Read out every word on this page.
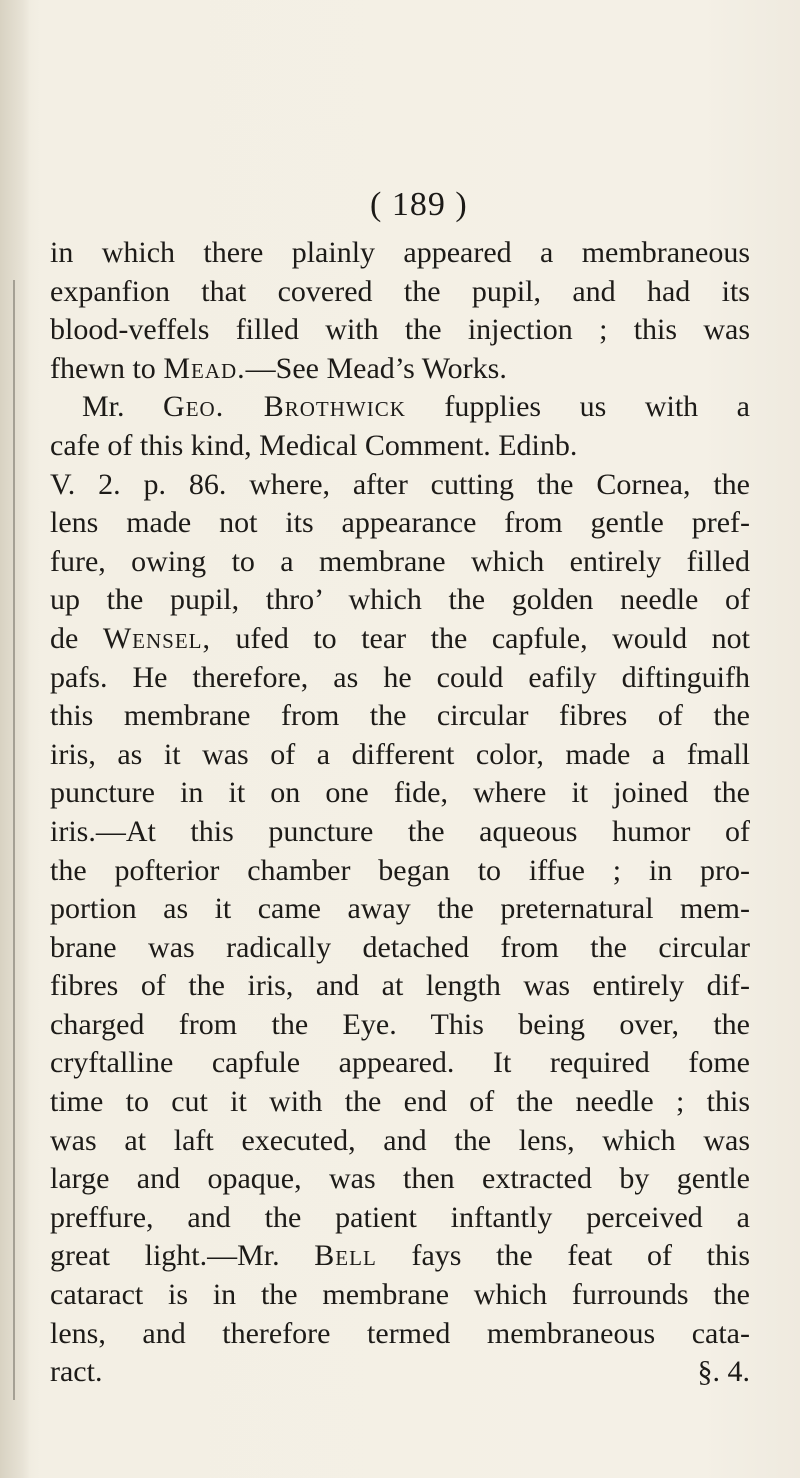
( 189 )
in which there plainly appeared a membraneous
expanfion that covered the pupil, and had its
blood-veffels filled with the injection ; this was
fhewn to Mead.—See Mead’s Works.
Mr. Geo. Brothwick fupplies us with a
cafe of this kind, Medical Comment. Edinb.
V. 2. p. 86. where, after cutting the Cornea, the
lens made not its appearance from gentle pref-
fure, owing to a membrane which entirely filled
up the pupil, thro’ which the golden needle of
de Wensel, ufed to tear the capfule, would not
pafs. He therefore, as he could eafily diftinguifh
this membrane from the circular fibres of the
iris, as it was of a different color, made a fmall
puncture in it on one fide, where it joined the
iris.—At this puncture the aqueous humor of
the pofterior chamber began to iffue ; in pro-
portion as it came away the preternatural mem-
brane was radically detached from the circular
fibres of the iris, and at length was entirely dif-
charged from the Eye. This being over, the
cryftalline capfule appeared. It required fome
time to cut it with the end of the needle ; this
was at laft executed, and the lens, which was
large and opaque, was then extracted by gentle
preffure, and the patient inftantly perceived a
great light.—Mr. Bell fays the feat of this
cataract is in the membrane which furrounds the
lens, and therefore termed membraneous cata-
ract.	§. 4.
